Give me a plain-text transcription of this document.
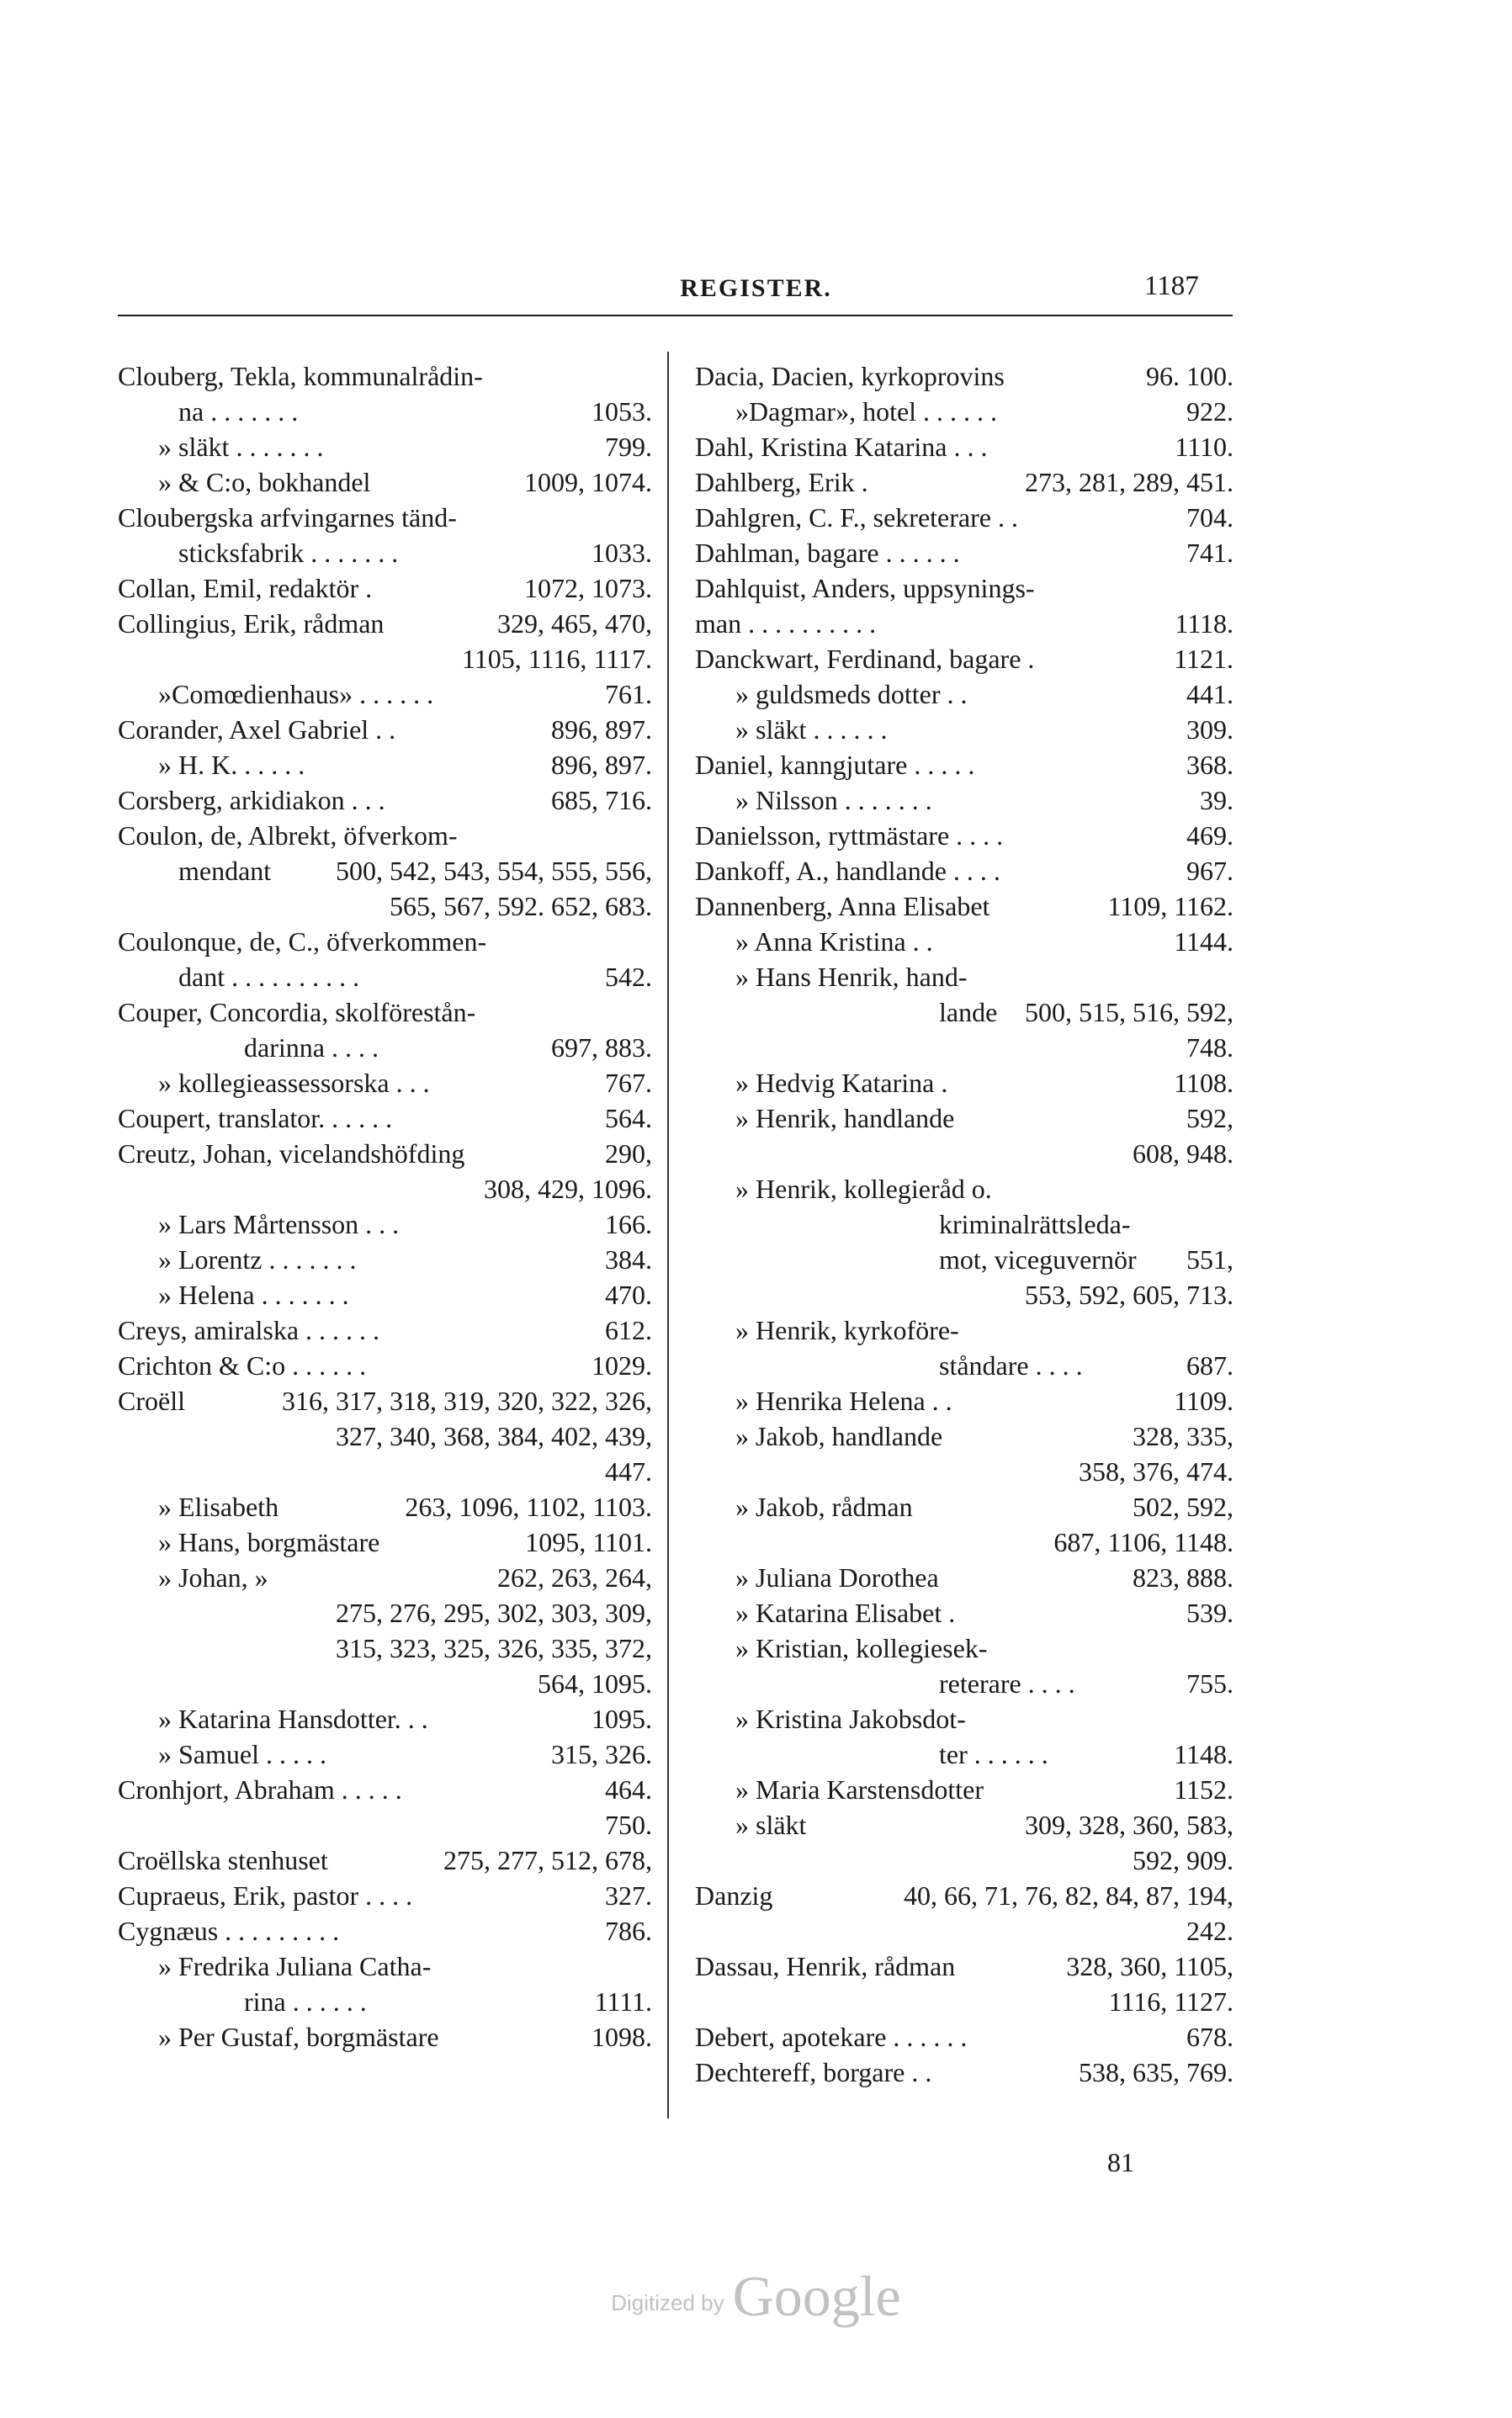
REGISTER.	1187
Clouberg, Tekla, kommunalrådin-
na . . . . . . .	1053.
» släkt . . . . . . .	799.
» & C:o, bokhandel	1009, 1074.
Cloubergska arfvingarnes tänd-
sticksfabrik . . . . . . .	1033.
Collan, Emil, redaktör .	1072, 1073.
Collingius, Erik, rådman	329, 465, 470,
1105, 1116, 1117.
»Comœdienhaus» . . . . . .	761.
Corander, Axel Gabriel . .	896, 897.
» H. K. . . . . .	896, 897.
Corsberg, arkidiakon . . .	685, 716.
Coulon, de, Albrekt, öfverkom-
mendant 500, 542, 543, 554, 555, 556,
565, 567, 592. 652, 683.
Coulonque, de, C., öfverkommen-
dant . . . . . . . . . .	542.
Couper, Concordia, skolförestån-
darinna . . . .	697, 883.
» kollegieassessorska . . .	767.
Coupert, translator. . . . . .	564.
Creutz, Johan, vicelandshöfding	290,
308, 429, 1096.
» Lars Mårtensson . . .	166.
» Lorentz . . . . . . .	384.
» Helena . . . . . . .	470.
Creys, amiralska . . . . . .	612.
Crichton & C:o . . . . . .	1029.
Croëll	316, 317, 318, 319, 320, 322, 326,
327, 340, 368, 384, 402, 439,
447.
» Elisabeth	263, 1096, 1102, 1103.
» Hans, borgmästare	1095, 1101.
» Johan, »	262, 263, 264,
275, 276, 295, 302, 303, 309,
315, 323, 325, 326, 335, 372,
564, 1095.
» Katarina Hansdotter. . .	1095.
» Samuel . . . . .	315, 326.
Cronhjort, Abraham . . . . .	464.
750.
Croëllska stenhuset	275, 277, 512, 678,
Cupraeus, Erik, pastor . . . .	327.
Cygnæus . . . . . . . . .	786.
» Fredrika Juliana Catha-
rina . . . . . .	1111.
» Per Gustaf, borgmästare	1098.
Dacia, Dacien, kyrkoprovins	96. 100.
»Dagmar», hotel . . . . . .	922.
Dahl, Kristina Katarina . . .	1110.
Dahlberg, Erik .	273, 281, 289, 451.
Dahlgren, C. F., sekreterare . .	704.
Dahlman, bagare . . . . . .	741.
Dahlquist, Anders, uppsynings-
man . . . . . . . . . .	1118.
Danckwart, Ferdinand, bagare .	1121.
» guldsmeds dotter . .	441.
» släkt . . . . . .	309.
Daniel, kanngjutare . . . . .	368.
» Nilsson . . . . . . .	39.
Danielsson, ryttmästare . . . .	469.
Dankoff, A., handlande . . . .	967.
Dannenberg, Anna Elisabet	1109, 1162.
» Anna Kristina . .	1144.
» Hans Henrik, hand-
lande 500, 515, 516, 592,
748.
» Hedvig Katarina .	1108.
» Henrik, handlande	592,
608, 948.
» Henrik, kollegieråd o.
kriminalrättsleda-
mot, viceguvernör 551,
553, 592, 605, 713.
» Henrik, kyrkoföre-
ståndare . . . .	687.
» Henrika Helena . .	1109.
» Jakob, handlande	328, 335,
358, 376, 474.
» Jakob, rådman	502, 592,
687, 1106, 1148.
» Juliana Dorothea	823, 888.
» Katarina Elisabet .	539.
» Kristian, kollegiesek-
reterare . . . .	755.
» Kristina Jakobsdot-
ter . . . . . .	1148.
» Maria Karstensdotter	1152.
» släkt	309, 328, 360, 583,
592, 909.
Danzig	40, 66, 71, 76, 82, 84, 87, 194,
242.
Dassau, Henrik, rådman	328, 360, 1105,
1116, 1127.
Debert, apotekare . . . . . .	678.
Dechtereff, borgare . .	538, 635, 769.
81
Digitized by Google
